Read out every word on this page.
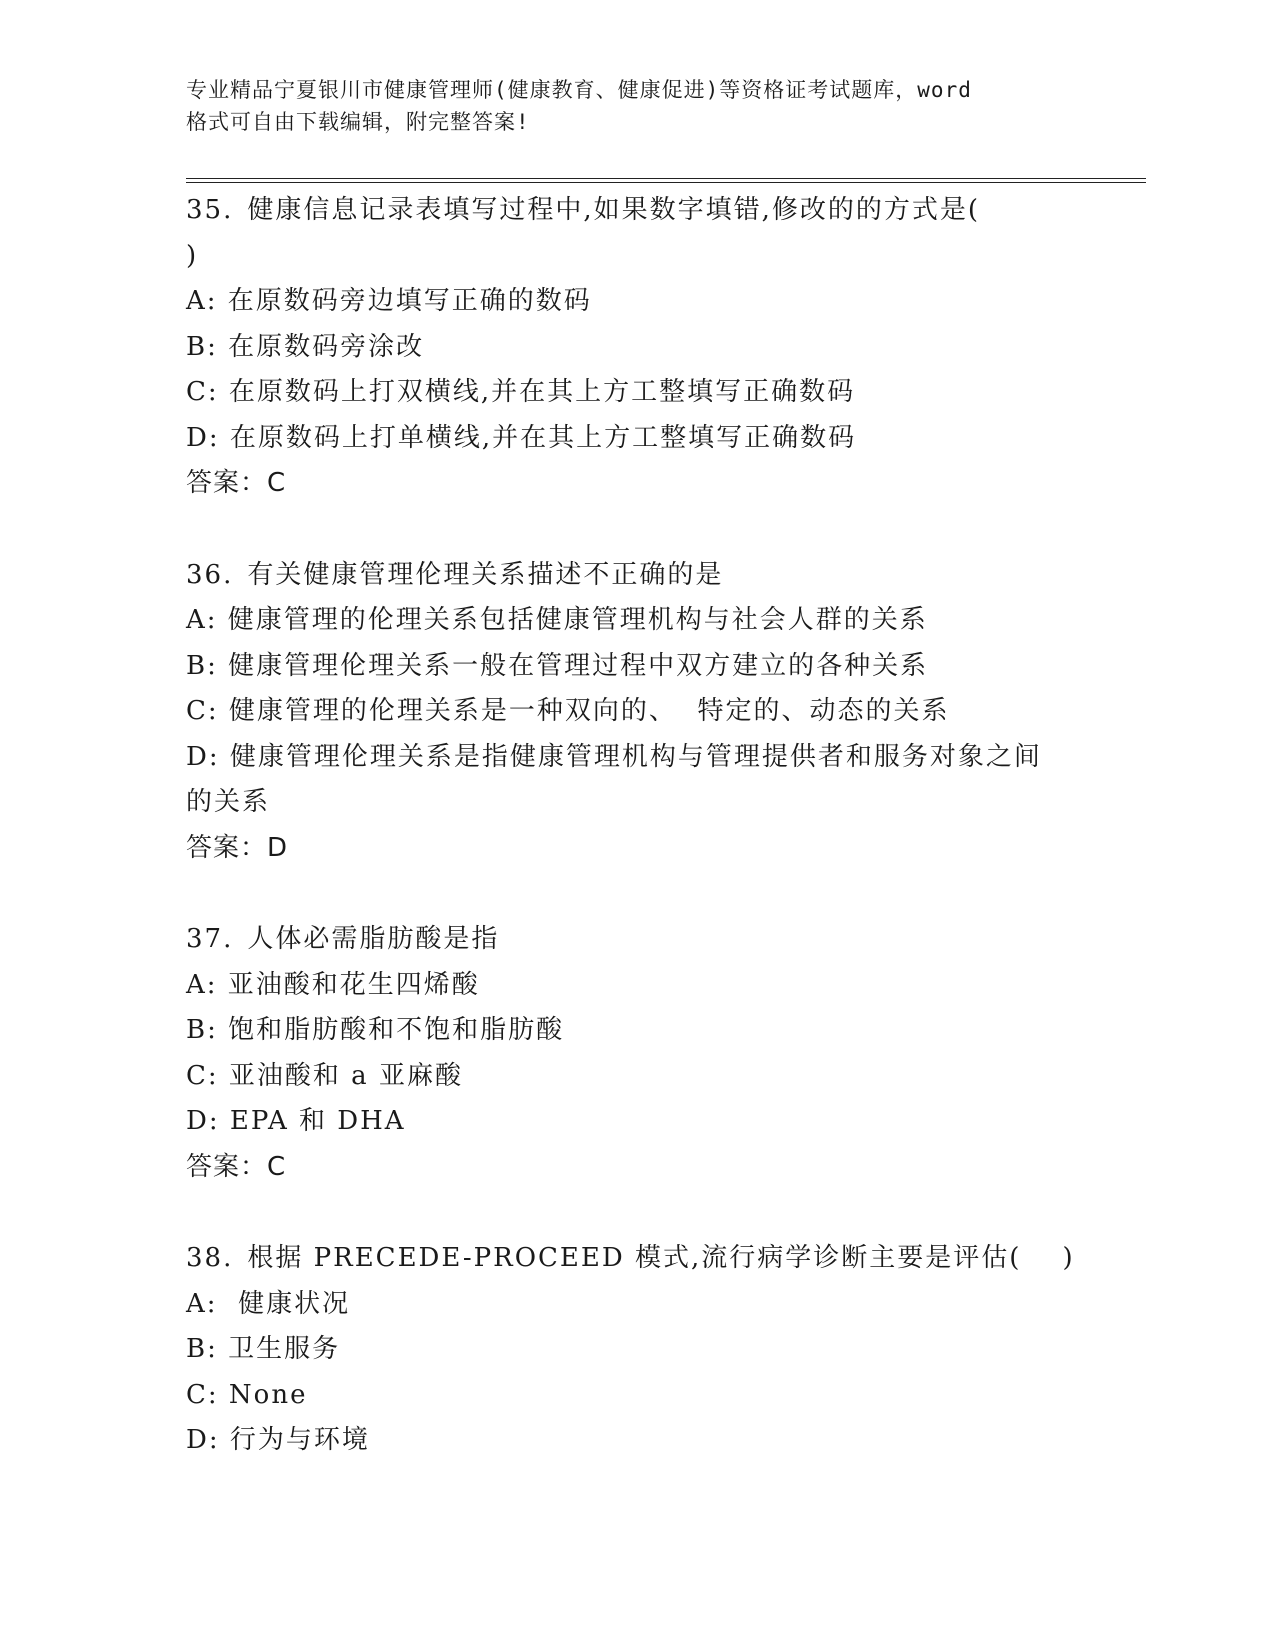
专业精品宁夏银川市健康管理师(健康教育、健康促进)等资格证考试题库，word
格式可自由下载编辑，附完整答案!
35. 健康信息记录表填写过程中,如果数字填错,修改的的方式是(
)
A: 在原数码旁边填写正确的数码
B: 在原数码旁涂改
C: 在原数码上打双横线,并在其上方工整填写正确数码
D: 在原数码上打单横线,并在其上方工整填写正确数码
答案：C
36. 有关健康管理伦理关系描述不正确的是
A: 健康管理的伦理关系包括健康管理机构与社会人群的关系
B: 健康管理伦理关系一般在管理过程中双方建立的各种关系
C: 健康管理的伦理关系是一种双向的、  特定的、动态的关系
D: 健康管理伦理关系是指健康管理机构与管理提供者和服务对象之间
的关系
答案：D
37. 人体必需脂肪酸是指
A: 亚油酸和花生四烯酸
B: 饱和脂肪酸和不饱和脂肪酸
C: 亚油酸和 a 亚麻酸
D: EPA 和 DHA
答案：C
38. 根据 PRECEDE-PROCEED 模式,流行病学诊断主要是评估(    )
A:  健康状况
B: 卫生服务
C: None
D: 行为与环境
